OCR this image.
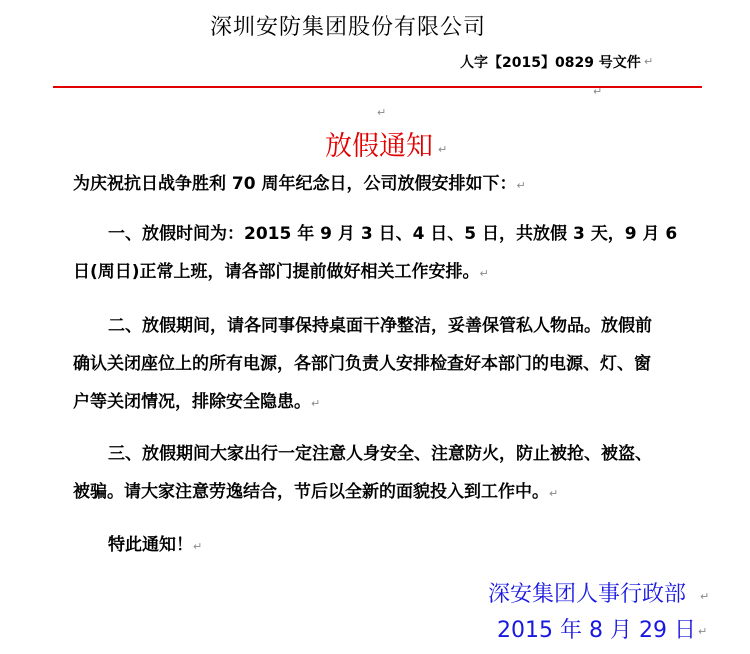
深圳安防集团股份有限公司
人字【2015】0829 号文件 ↵
↵
↵
放假通知 ↵
为庆祝抗日战争胜利 70 周年纪念日，公司放假安排如下：↵
一、放假时间为：2015 年 9 月 3 日、4 日、5 日，共放假 3 天，9 月 6
日(周日)正常上班，请各部门提前做好相关工作安排。↵
二、放假期间，请各同事保持桌面干净整洁，妥善保管私人物品。放假前
确认关闭座位上的所有电源，各部门负责人安排检查好本部门的电源、灯、窗
户等关闭情况，排除安全隐患。↵
三、放假期间大家出行一定注意人身安全、注意防火，防止被抢、被盗、
被骗。请大家注意劳逸结合，节后以全新的面貌投入到工作中。↵
特此通知！↵
深安集团人事行政部 ↵
2015 年 8 月 29 日 ↵
